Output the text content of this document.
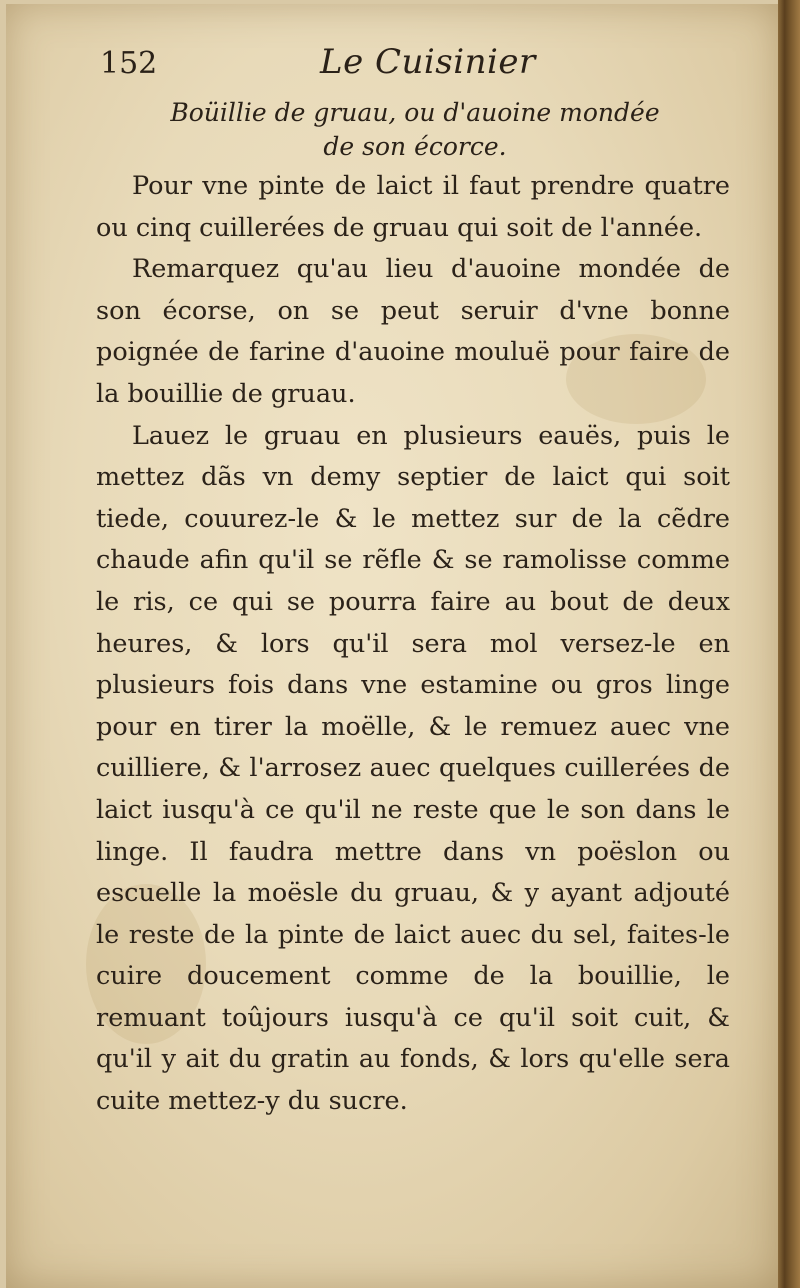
152	Le Cuisinier
Boüillie de gruau, ou d'auoine mondée
de son écorce.

Pour vne pinte de laict il faut prendre quatre ou cinq cuillerées de gruau qui soit de l'année.

Remarquez qu'au lieu d'auoine mondée de son écorse, on se peut seruir d'vne bonne poignée de farine d'auoine mouluë pour faire de la bouillie de gruau.

Lauez le gruau en plusieurs eauës, puis le mettez dãs vn demy septier de laict qui soit tiede, couurez-le & le mettez sur de la cẽdre chaude afin qu'il se rẽfle & se ramolisse comme le ris, ce qui se pourra faire au bout de deux heures, & lors qu'il sera mol versez-le en plusieurs fois dans vne estamine ou gros linge pour en tirer la moëlle, & le remuez auec vne cuilliere, & l'arrosez auec quelques cuillerées de laict iusqu'à ce qu'il ne reste que le son dans le linge. Il faudra mettre dans vn poëslon ou escuelle la moësle du gruau, & y ayant adjouté le reste de la pinte de laict auec du sel, faites-le cuire doucement comme de la bouillie, le remuant toûjours iusqu'à ce qu'il soit cuit, & qu'il y ait du gratin au fonds, & lors qu'elle sera cuite mettez-y du sucre.
